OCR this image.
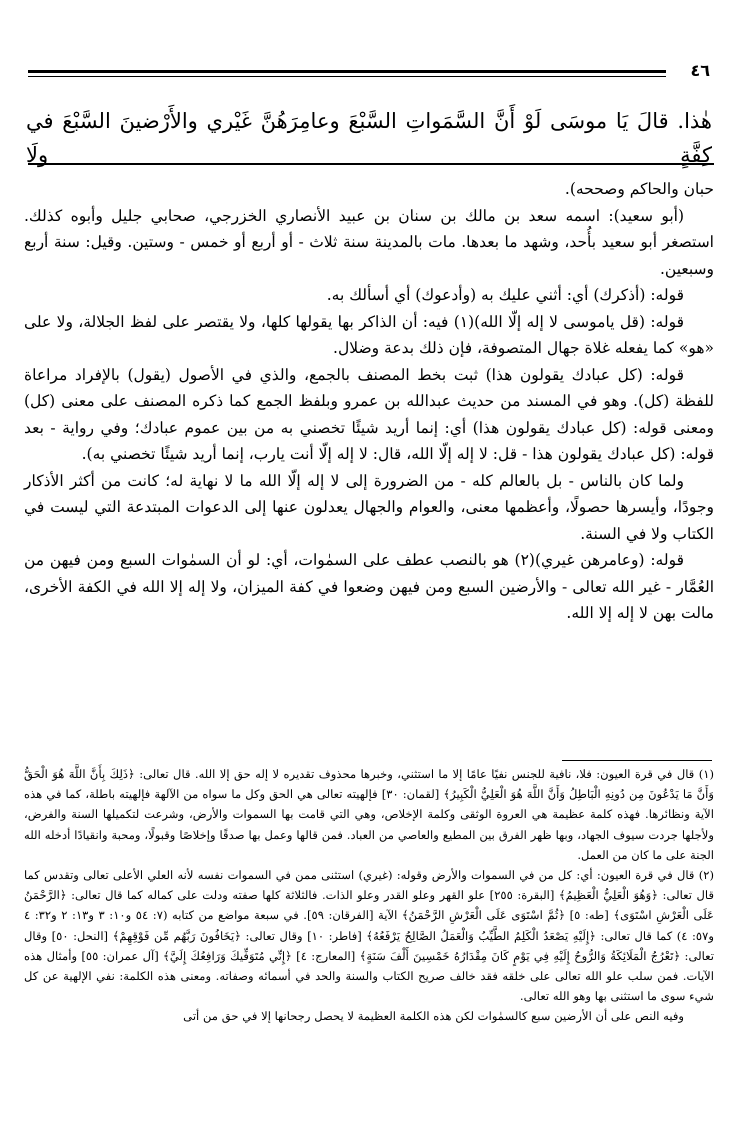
٤٦
هٰذا. قالَ يَا موسَى لَوْ أَنَّ السَّمَواتِ السَّبْعَ وعامِرَهُنَّ غَيْري والأَرْضينَ السَّبْعَ في كِفَّةٍ ولَا

حبان والحاكم وصححه).

(أبو سعيد): اسمه سعد بن مالك بن سنان بن عبيد الأنصاري الخزرجي، صحابي جليل وأبوه كذلك. استصغر أبو سعيد بأُحد، وشهد ما بعدها. مات بالمدينة سنة ثلاث - أو أربع أو خمس - وستين. وقيل: سنة أربع وسبعين.

قوله: (أذكرك) أي: أثني عليك به (وأدعوك) أي أسألك به.

قوله: (قل ياموسى لا إله إلّا الله)(١) فيه: أن الذاكر بها يقولها كلها، ولا يقتصر على لفظ الجلالة، ولا على «هو» كما يفعله غلاة جهال المتصوفة، فإن ذلك بدعة وضلال.

قوله: (كل عبادك يقولون هذا) ثبت بخط المصنف بالجمع، والذي في الأصول (يقول) بالإفراد مراعاة للفظة (كل). وهو في المسند من حديث عبدالله بن عمرو وبلفظ الجمع كما ذكره المصنف على معنى (كل) ومعنى قوله: (كل عبادك يقولون هذا) أي: إنما أريد شيئًا تخصني به من بين عموم عبادك؛ وفي رواية - بعد قوله: (كل عبادك يقولون هذا - قل: لا إله إلّا الله، قال: لا إله إلّا أنت يارب، إنما أريد شيئًا تخصني به).

ولما كان بالناس - بل بالعالم كله - من الضرورة إلى لا إله إلّا الله ما لا نهاية له؛ كانت من أكثر الأذكار وجودًا، وأيسرها حصولًا، وأعظمها معنى، والعوام والجهال يعدلون عنها إلى الدعوات المبتدعة التي ليست في الكتاب ولا في السنة.

قوله: (وعامرهن غيري)(٢) هو بالنصب عطف على السمٰوات، أي: لو أن السمٰوات السبع ومن فيهن من العُمَّار - غير الله تعالى - والأرضين السبع ومن فيهن وضعوا في كفة الميزان، ولا إله إلا الله في الكفة الأخرى، مالت بهن لا إله إلا الله.

(١) قال في قرة العيون: فلا، نافية للجنس نفيًا عامًا إلا ما استثني، وخبرها محذوف تقديره لا إله حق إلا الله. قال تعالى: ﴿ذَلِكَ بِأَنَّ اللَّهَ هُوَ الْحَقُّ وَأَنَّ مَا يَدْعُونَ مِن دُونِهِ الْبَاطِلُ وَأَنَّ اللَّهَ هُوَ الْعَلِيُّ الْكَبِيرُ﴾ [لقمان: ٣٠] فإلهيته تعالى هي الحق وكل ما سواه من الآلهة فإلهيته باطلة، كما في هذه الآية ونظائرها. فهذه كلمة عظيمة هي العروة الوثقى وكلمة الإخلاص، وهي التي قامت بها السموات والأرض، وشرعت لتكميلها السنة والفرض، ولأجلها جردت سيوف الجهاد، وبها ظهر الفرق بين المطيع والعاصي من العباد. فمن قالها وعمل بها صدقًا وإخلاصًا وقبولًا، ومحبة وانقيادًا أدخله الله الجنة على ما كان من العمل.

(٢) قال في قرة العيون: أي: كل من في السموات والأرض وقوله: (غيري) استثنى ممن في السموات نفسه لأنه العلي الأعلى تعالى وتقدس كما قال تعالى: ﴿وَهُوَ الْعَلِيُّ الْعَظِيمُ﴾ [البقرة: ٢٥٥] علو القهر وعلو القدر وعلو الذات. فالثلاثة كلها صفته ودلت على كماله كما قال تعالى: ﴿الرَّحْمَنُ عَلَى الْعَرْشِ اسْتَوَى﴾ [طه: ٥] ﴿ثُمَّ اسْتَوَى عَلَى الْعَرْشِ الرَّحْمَنُ﴾ الآية [الفرقان: ٥٩]. في سبعة مواضع من كتابه (٧: ٥٤ و١٠: ٣ و١٣: ٢ و٣٢: ٤ و٥٧: ٤) كما قال تعالى: ﴿إِلَيْهِ يَصْعَدُ الْكَلِمُ الطَّيِّبُ وَالْعَمَلُ الصَّالِحُ يَرْفَعُهُ﴾ [فاطر: ١٠] وقال تعالى: ﴿يَخَافُونَ رَبَّهُم مِّن فَوْقِهِمْ﴾ [النحل: ٥٠] وقال تعالى: ﴿تَعْرُجُ الْمَلَائِكَةُ وَالرُّوحُ إِلَيْهِ فِي يَوْمٍ كَانَ مِقْدَارُهُ خَمْسِينَ أَلْفَ سَنَةٍ﴾ [المعارج: ٤] ﴿إِنِّي مُتَوَفِّيكَ وَرَافِعُكَ إِلَيَّ﴾ [آل عمران: ٥٥] وأمثال هذه الآيات. فمن سلب علو الله تعالى على خلقه فقد خالف صريح الكتاب والسنة والحد في أسمائه وصفاته. ومعنى هذه الكلمة: نفي الإلهية عن كل شيء سوى ما استثنى بها وهو الله تعالى.

وفيه النص على أن الأرضين سبع كالسمٰوات لكن هذه الكلمة العظيمة لا يحصل رجحانها إلا في حق من أتى
